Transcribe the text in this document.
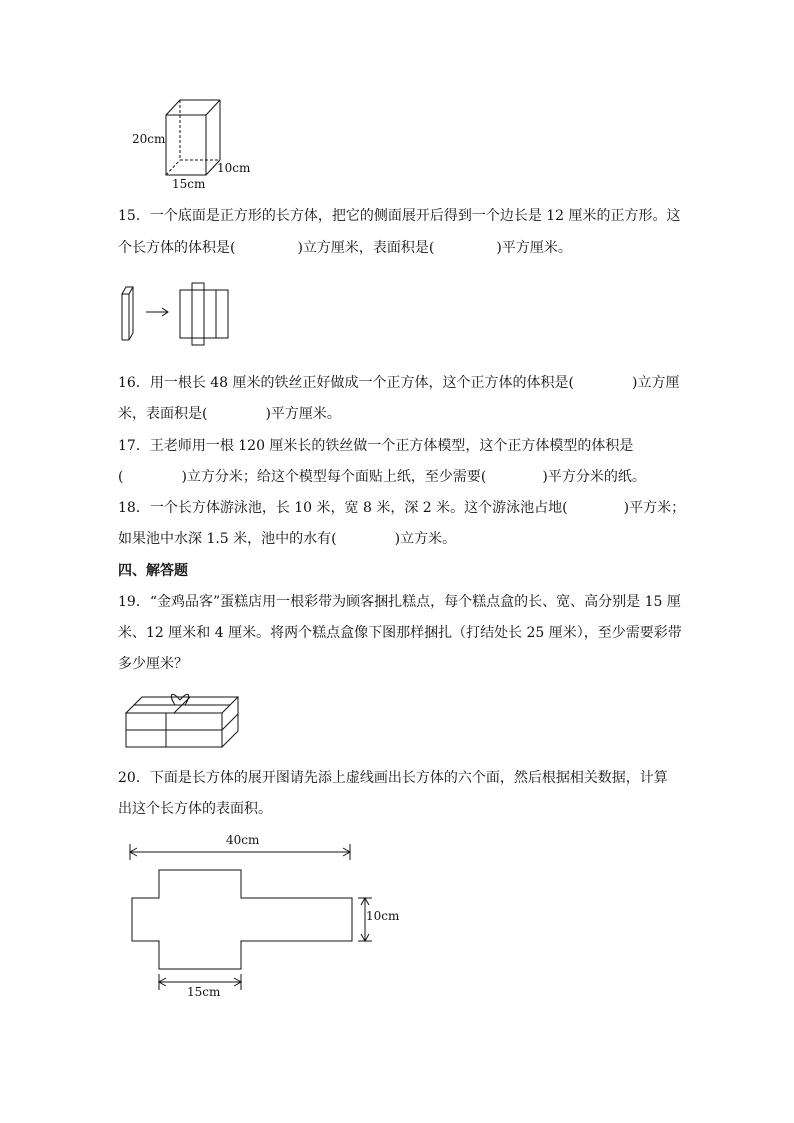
20cm
10cm
15cm
15．一个底面是正方形的长方体，把它的侧面展开后得到一个边长是 12 厘米的正方形。这
个长方体的体积是(	)立方厘米，表面积是(	)平方厘米。
16．用一根长 48 厘米的铁丝正好做成一个正方体，这个正方体的体积是(	)立方厘
米，表面积是(	)平方厘米。
17．王老师用一根 120 厘米长的铁丝做一个正方体模型，这个正方体模型的体积是
(	)立方分米；给这个模型每个面贴上纸，至少需要(	)平方分米的纸。
18．一个长方体游泳池，长 10 米，宽 8 米，深 2 米。这个游泳池占地(	)平方米；
如果池中水深 1.5 米，池中的水有(	)立方米。
四、解答题
19．“金鸡品客”蛋糕店用一根彩带为顾客捆扎糕点，每个糕点盒的长、宽、高分别是 15 厘
米、12 厘米和 4 厘米。将两个糕点盒像下图那样捆扎（打结处长 25 厘米），至少需要彩带
多少厘米？
20．下面是长方体的展开图请先添上虚线画出长方体的六个面，然后根据相关数据，计算
出这个长方体的表面积。
40cm
10cm
15cm
